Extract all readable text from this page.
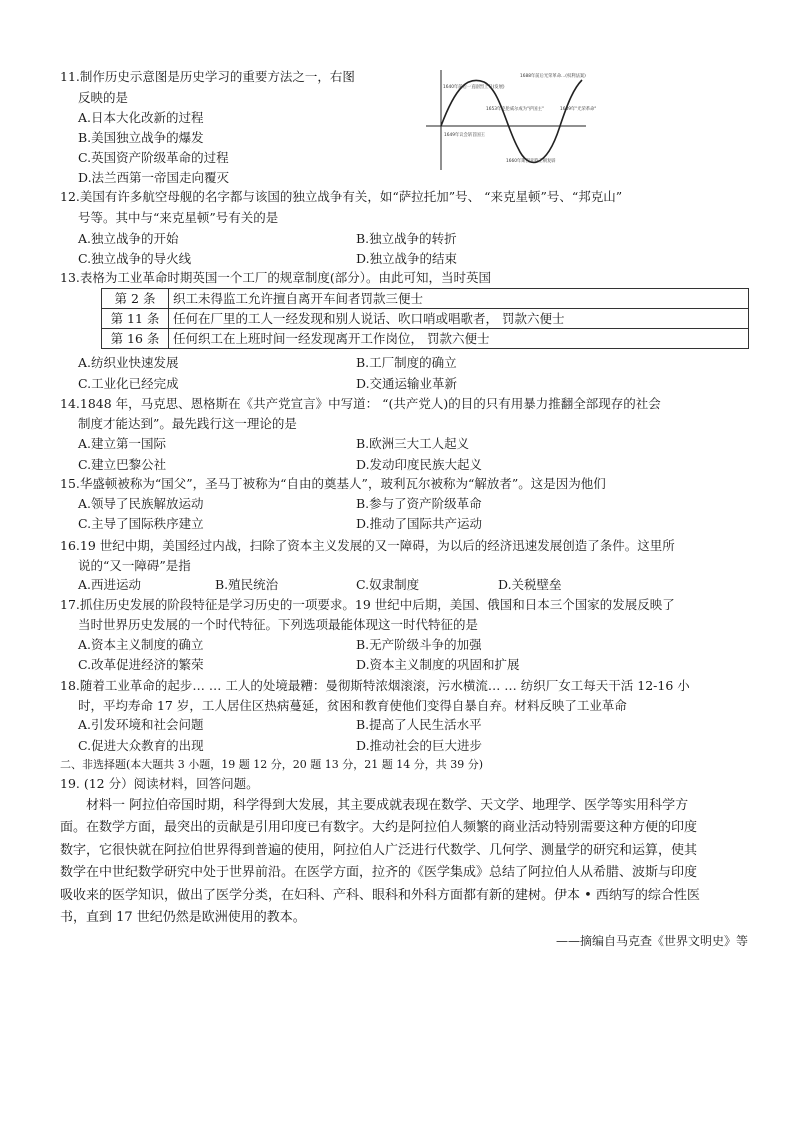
11.制作历史示意图是历史学习的重要方法之一，右图
反映的是
A.日本大化改新的过程
B.美国独立战争的爆发
C.英国资产阶级革命的过程
D.法兰西第一帝国走向覆灭
1640年前后一直剧烈上升(发展)
1688年前后光荣革命…(权利法案)
1653年克伦威尔成为"护国主"	1689年"光荣革命"
1649年议会斩首国王
1660年斯图亚特王朝复辟
12.美国有许多航空母舰的名字都与该国的独立战争有关，如“萨拉托加”号、 “来克星顿”号、“邦克山”
号等。其中与“来克星顿”号有关的是
A.独立战争的开始	B.独立战争的转折
C.独立战争的导火线	D.独立战争的结束
13.表格为工业革命时期英国一个工厂的规章制度(部分）。由此可知，当时英国
第 2 条	织工未得监工允许擅自离开车间者罚款三便士
第 11 条	任何在厂里的工人一经发现和别人说话、吹口哨或唱歌者， 罚款六便士
第 16 条	任何织工在上班时间一经发现离开工作岗位， 罚款六便士
A.纺织业快速发展	B.工厂制度的确立
C.工业化已经完成	D.交通运输业革新
14.1848 年，马克思、恩格斯在《共产党宣言》中写道： “(共产党人)的目的只有用暴力推翻全部现存的社会
制度才能达到”。最先践行这一理论的是
A.建立第一国际	B.欧洲三大工人起义
C.建立巴黎公社	D.发动印度民族大起义
15.华盛顿被称为“国父”，圣马丁被称为“自由的奠基人”，玻利瓦尔被称为“解放者”。这是因为他们
A.领导了民族解放运动	B.参与了资产阶级革命
C.主导了国际秩序建立	D.推动了国际共产运动
16.19 世纪中期，美国经过内战，扫除了资本主义发展的又一障碍，为以后的经济迅速发展创造了条件。这里所
说的“又一障碍”是指
A.西进运动	B.殖民统治	C.奴隶制度	D.关税壁垒
17.抓住历史发展的阶段特征是学习历史的一项要求。19 世纪中后期，美国、俄国和日本三个国家的发展反映了
当时世界历史发展的一个时代特征。下列选项最能体现这一时代特征的是
A.资本主义制度的确立	B.无产阶级斗争的加强
C.改革促进经济的繁荣	D.资本主义制度的巩固和扩展
18.随着工业革命的起步… … 工人的处境最糟：曼彻斯特浓烟滚滚，污水横流… … 纺织厂女工每天干活 12-16 小
时，平均寿命 17 岁，工人居住区热病蔓延，贫困和教育使他们变得自暴自弃。材料反映了工业革命
A.引发环境和社会问题	B.提高了人民生活水平
C.促进大众教育的出现	D.推动社会的巨大进步
二、非选择题(本大题共 3 小题，19 题 12 分，20 题 13 分，21 题 14 分，共 39 分)
19. (12 分）阅读材料，回答问题。
材料一 阿拉伯帝国时期，科学得到大发展，其主要成就表现在数学、天文学、地理学、医学等实用科学方
面。在数学方面，最突出的贡献是引用印度已有数字。大约是阿拉伯人频繁的商业活动特别需要这种方便的印度
数字，它很快就在阿拉伯世界得到普遍的使用，阿拉伯人广泛进行代数学、几何学、测量学的研究和运算，使其
数学在中世纪数学研究中处于世界前沿。在医学方面，拉齐的《医学集成》总结了阿拉伯人从希腊、波斯与印度
吸收来的医学知识，做出了医学分类，在妇科、产科、眼科和外科方面都有新的建树。伊本 • 西纳写的综合性医
书，直到 17 世纪仍然是欧洲使用的教本。
——摘编自马克查《世界文明史》等
